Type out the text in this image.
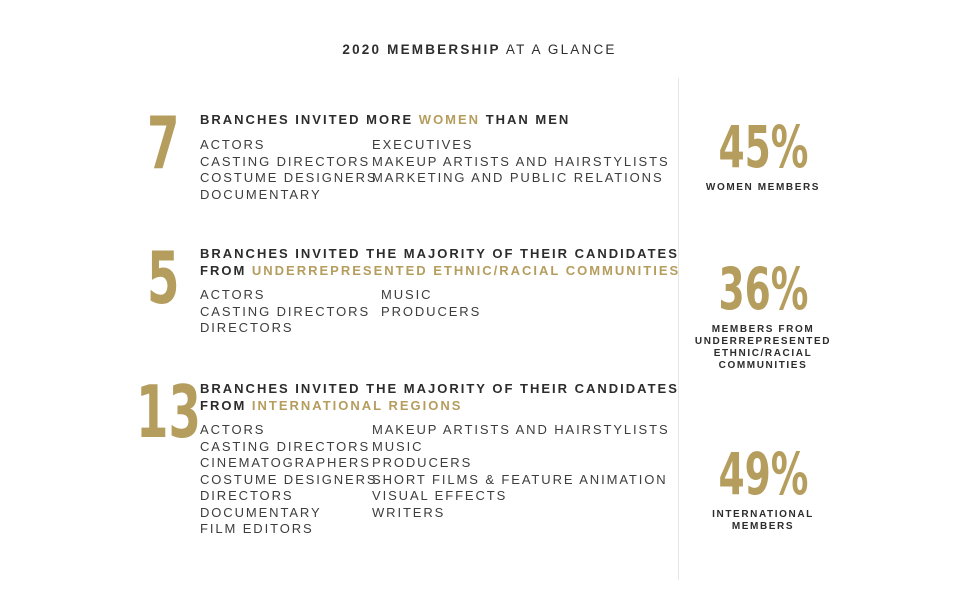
2020 MEMBERSHIP AT A GLANCE
7 BRANCHES INVITED MORE WOMEN THAN MEN
ACTORS
CASTING DIRECTORS
COSTUME DESIGNERS
DOCUMENTARY
EXECUTIVES
MAKEUP ARTISTS AND HAIRSTYLISTS
MARKETING AND PUBLIC RELATIONS
5 BRANCHES INVITED THE MAJORITY OF THEIR CANDIDATES
FROM UNDERREPRESENTED ETHNIC/RACIAL COMMUNITIES
ACTORS
CASTING DIRECTORS
DIRECTORS
MUSIC
PRODUCERS
13 BRANCHES INVITED THE MAJORITY OF THEIR CANDIDATES
FROM INTERNATIONAL REGIONS
ACTORS
CASTING DIRECTORS
CINEMATOGRAPHERS
COSTUME DESIGNERS
DIRECTORS
DOCUMENTARY
FILM EDITORS
MAKEUP ARTISTS AND HAIRSTYLISTS
MUSIC
PRODUCERS
SHORT FILMS & FEATURE ANIMATION
VISUAL EFFECTS
WRITERS
45%
WOMEN MEMBERS
36%
MEMBERS FROM
UNDERREPRESENTED
ETHNIC/RACIAL
COMMUNITIES
49%
INTERNATIONAL
MEMBERS
